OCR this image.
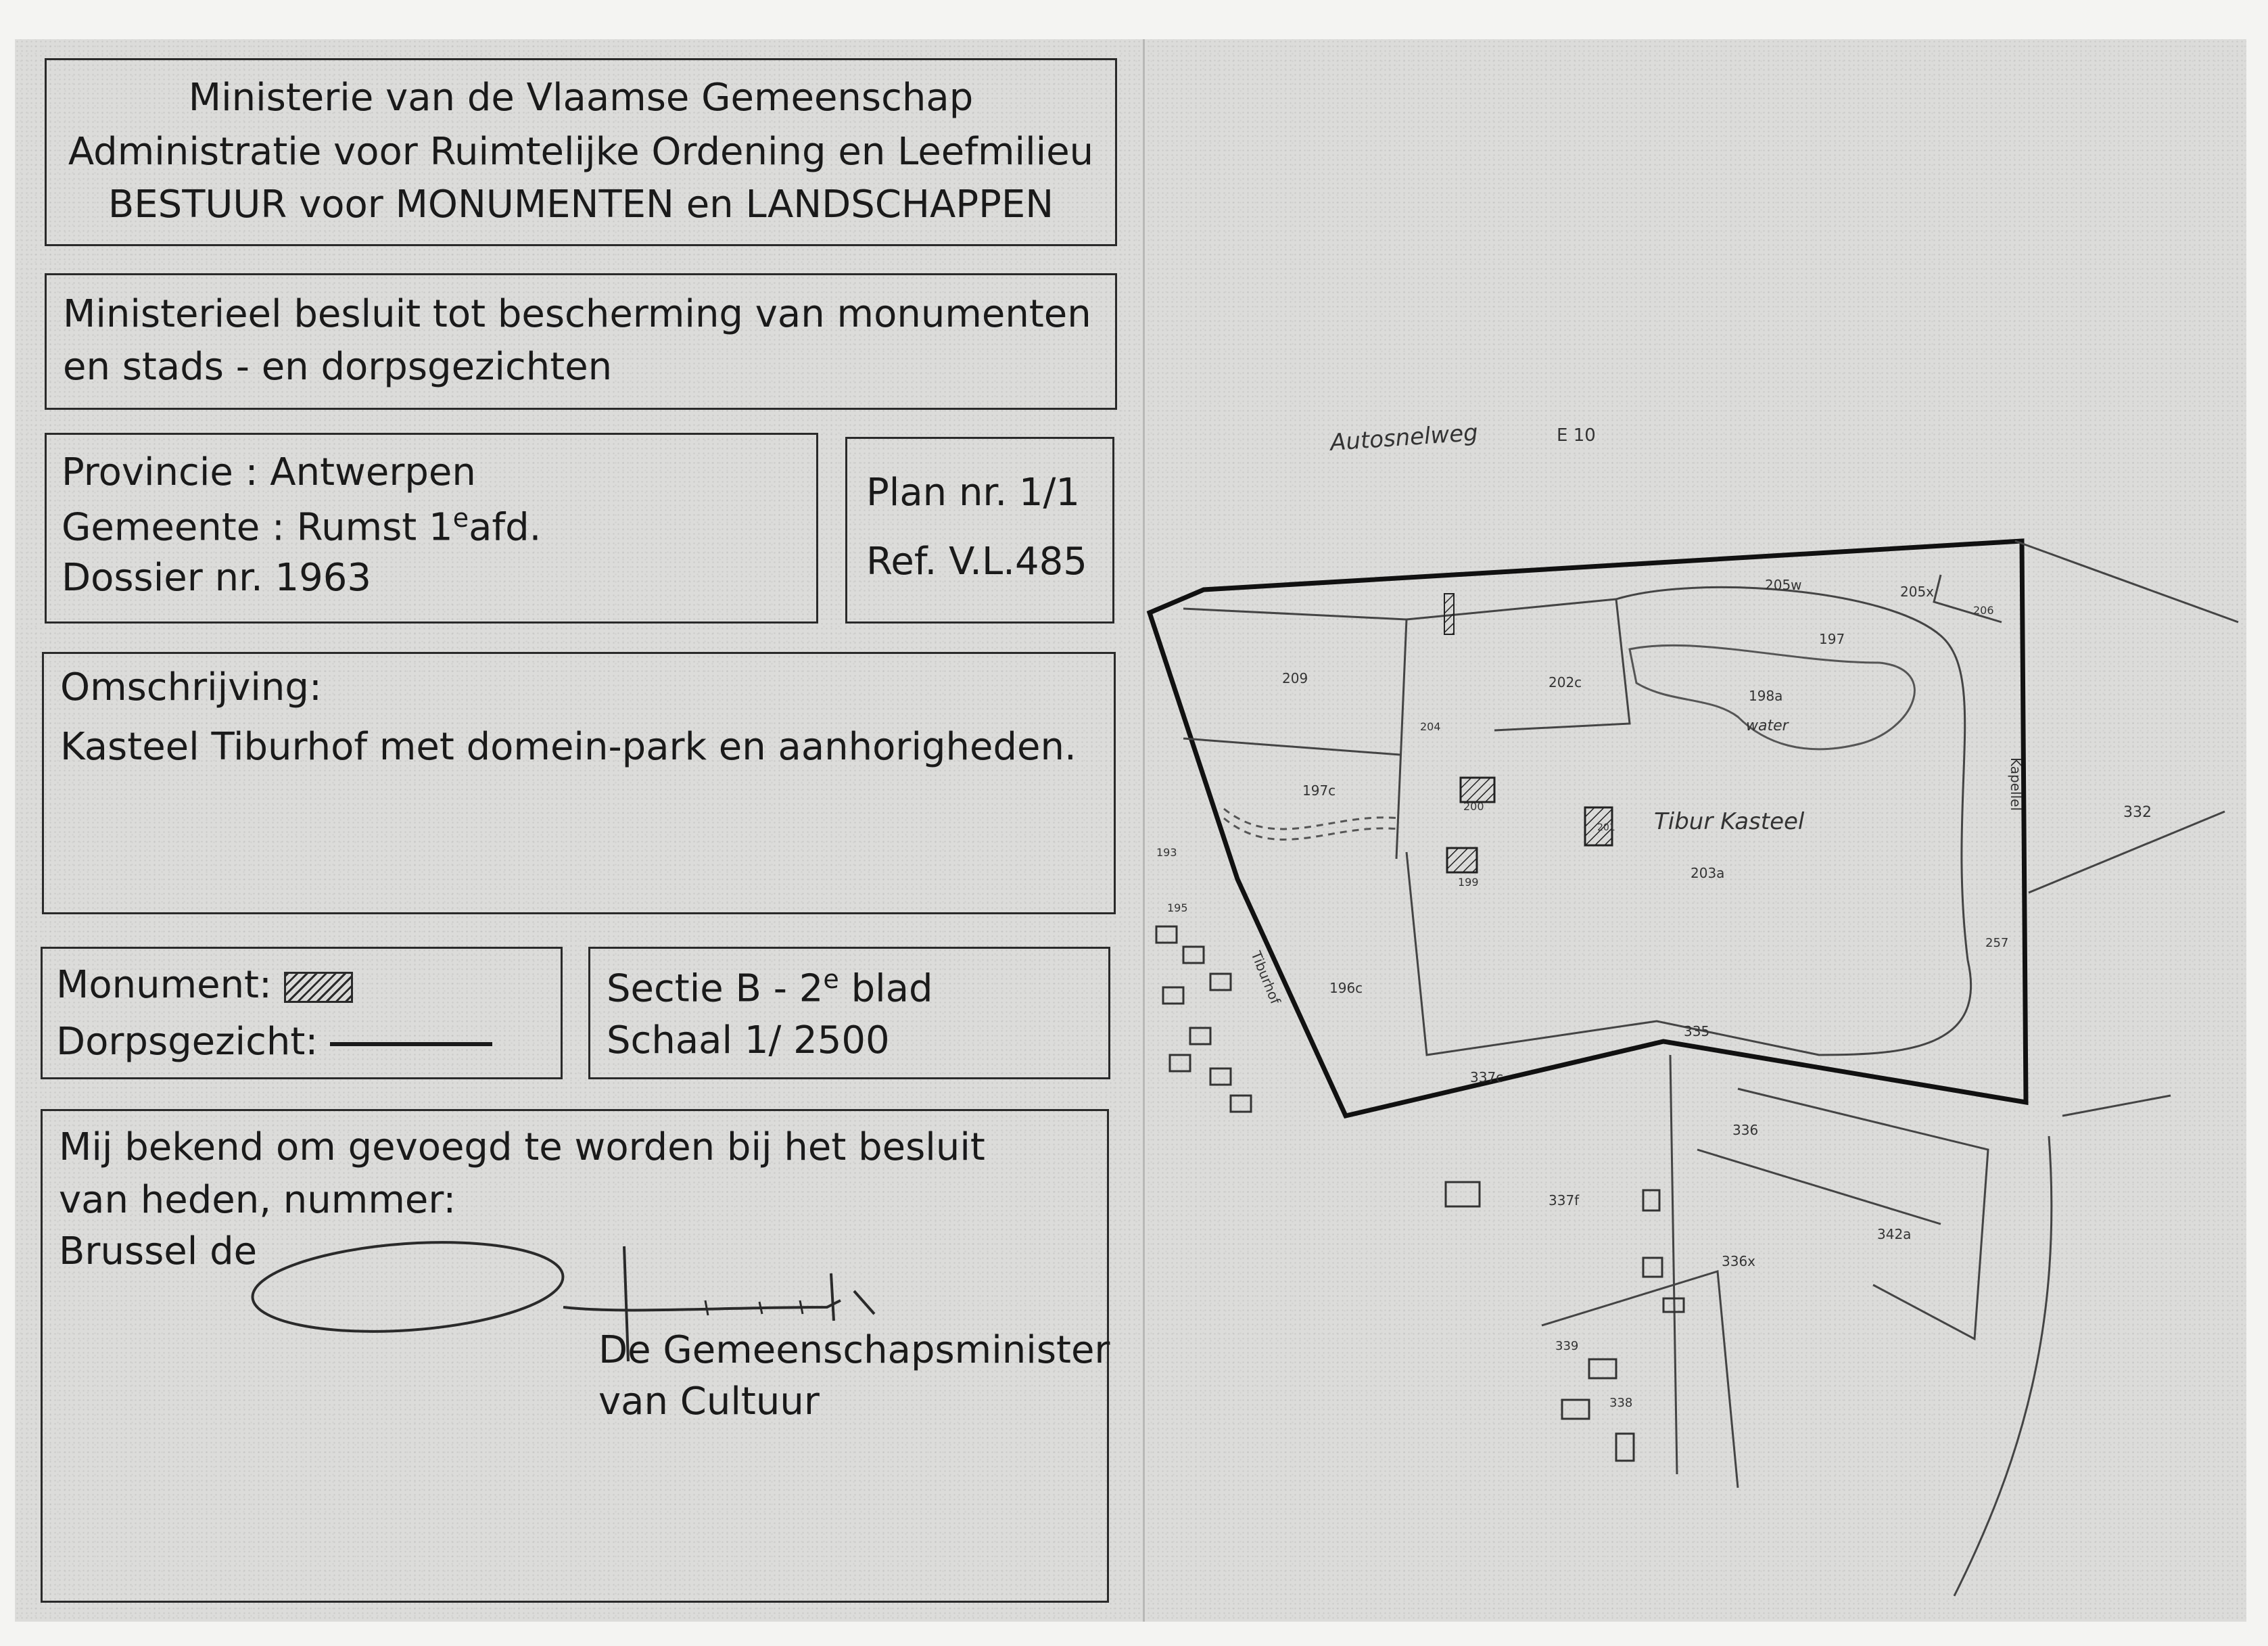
Ministerie van de Vlaamse Gemeenschap
Administratie voor Ruimtelijke Ordening en Leefmilieu
BESTUUR voor MONUMENTEN en LANDSCHAPPEN
Ministerieel besluit tot bescherming van monumenten
en stads - en dorpsgezichten
Provincie : Antwerpen
Gemeente : Rumst 1eafd.
Dossier nr. 1963
Plan nr. 1/1
Ref. V.L.485
Omschrijving:
Kasteel Tiburhof met domein-park en aanhorigheden.
Monument:
Dorpsgezicht:
Sectie B - 2e blad
Schaal 1/ 2500
Mij bekend om gevoegd te worden bij het besluit
van heden, nummer:
Brussel de
De Gemeenschapsminister
van Cultuur
Autosnelweg	E 10
Tibur Kasteel
water
Kapellel
Tiburhof
205w	205x
206
197
198a
209	202c
204
203a
201
200
199
197c
196c
195
193
335
337c
336
337f
336x
342a
339
338
332
257
